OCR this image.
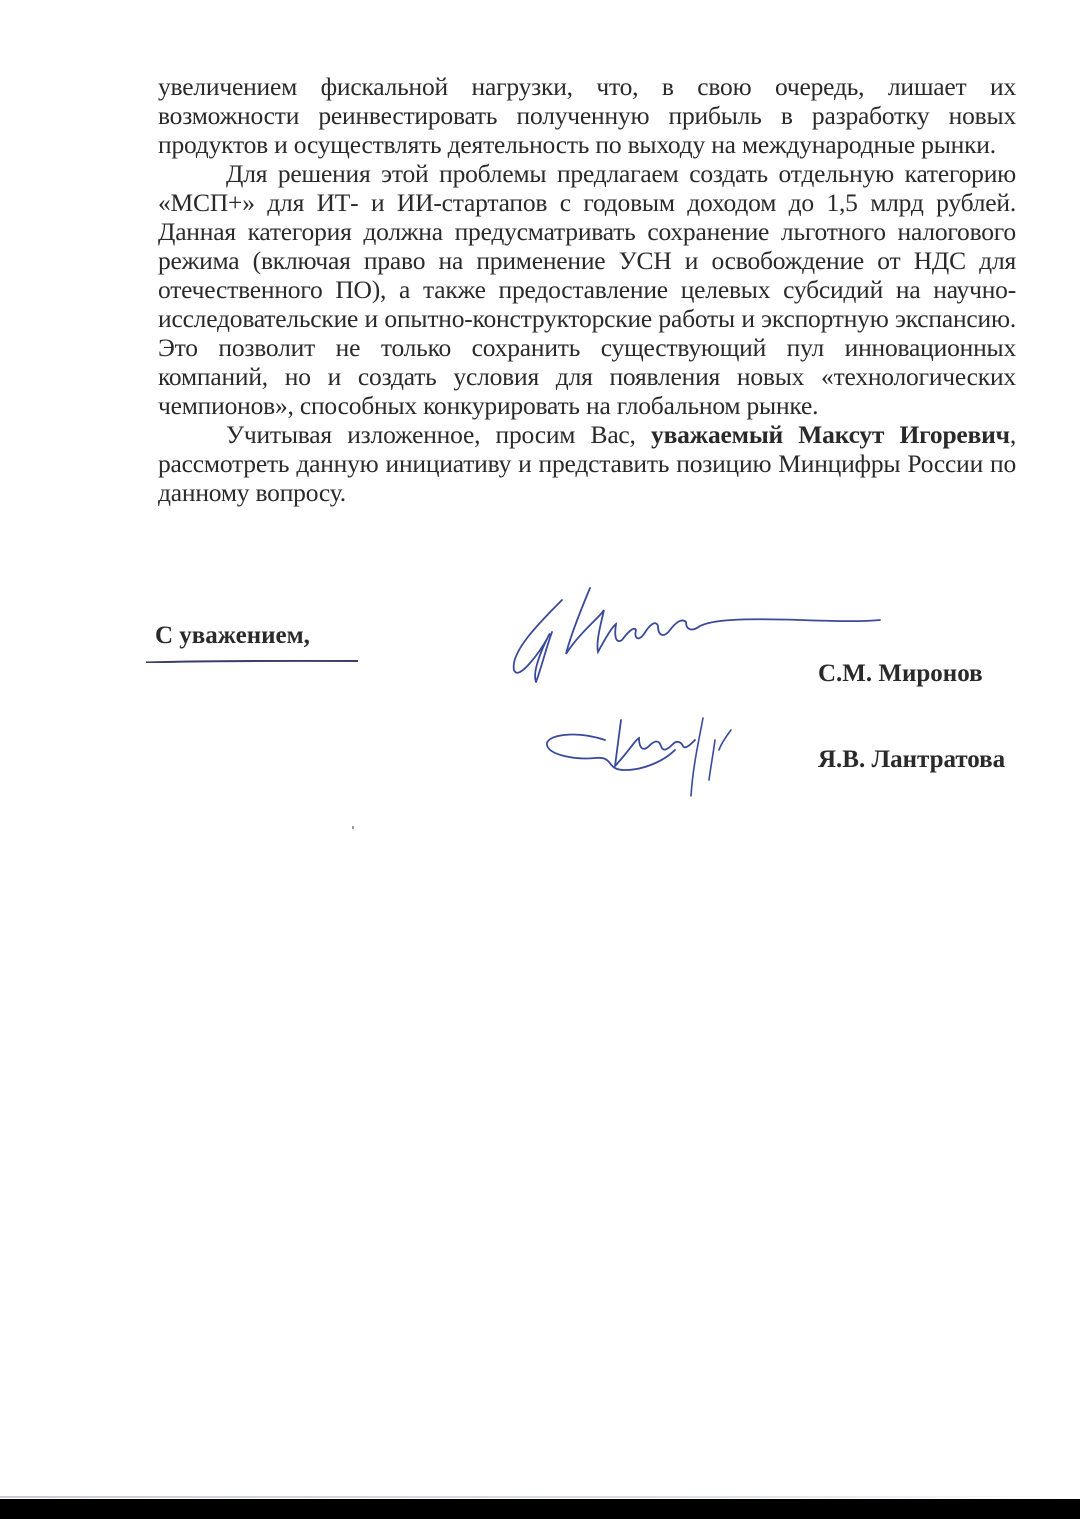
увеличением фискальной нагрузки, что, в свою очередь, лишает их возможности реинвестировать полученную прибыль в разработку новых продуктов и осуществлять деятельность по выходу на международные рынки.

Для решения этой проблемы предлагаем создать отдельную категорию «МСП+» для ИТ- и ИИ-стартапов с годовым доходом до 1,5 млрд рублей. Данная категория должна предусматривать сохранение льготного налогового режима (включая право на применение УСН и освобождение от НДС для отечественного ПО), а также предоставление целевых субсидий на научно-исследовательские и опытно-конструкторские работы и экспортную экспансию. Это позволит не только сохранить существующий пул инновационных компаний, но и создать условия для появления новых «технологических чемпионов», способных конкурировать на глобальном рынке.

Учитывая изложенное, просим Вас, уважаемый Максут Игоревич, рассмотреть данную инициативу и представить позицию Минцифры России по данному вопросу.

С уважением,
С.М. Миронов
Я.В. Лантратова
